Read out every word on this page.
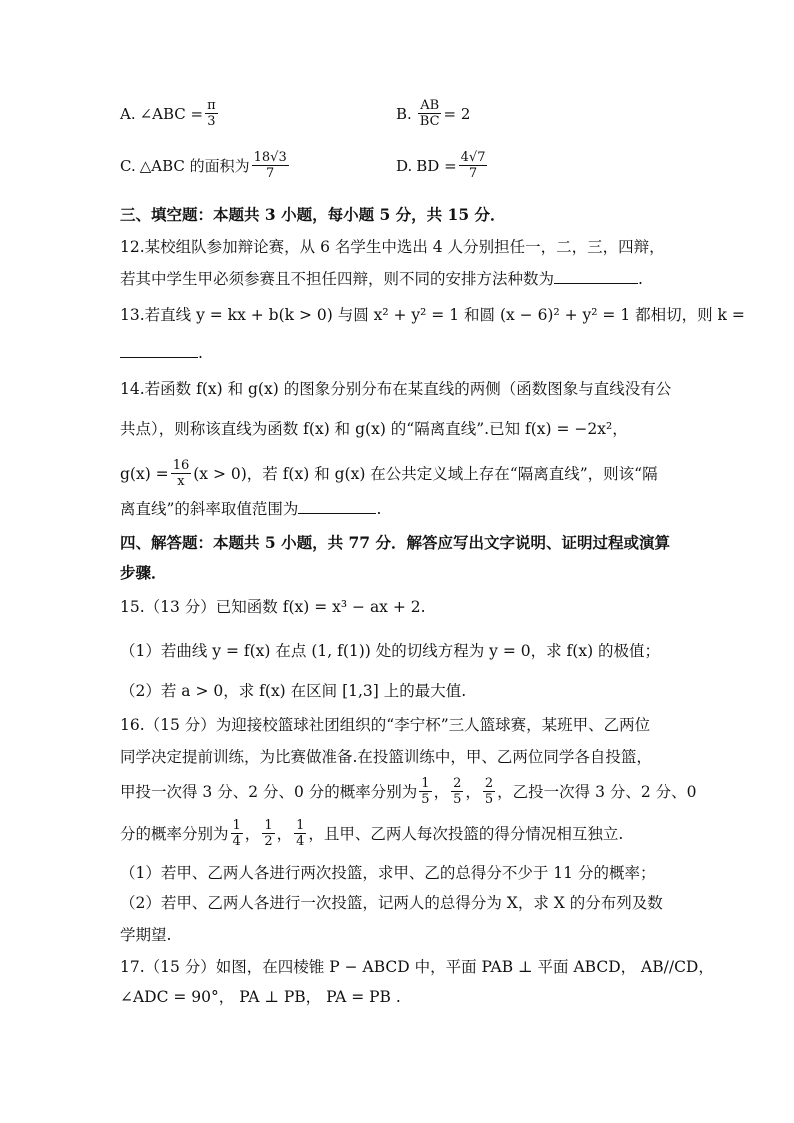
A. ∠ABC = $\frac{\pi}{3}$	B. $\frac{AB}{BC} = 2$
C. △ABC 的面积为 $\frac{18√3}{7}$	D. BD = $\frac{4√7}{7}$
三、填空题：本题共 3 小题，每小题 5 分，共 15 分．
12.某校组队参加辩论赛，从 6 名学生中选出 4 人分别担任一，二，三，四辩，
若其中学生甲必须参赛且不担任四辩，则不同的安排方法种数为	.
13.若直线 y = kx + b(k > 0) 与圆 x² + y² = 1 和圆 (x − 6)² + y² = 1 都相切，则 k =
.
14.若函数 f(x) 和 g(x) 的图象分别分布在某直线的两侧（函数图象与直线没有公
共点），则称该直线为函数 f(x) 和 g(x) 的“隔离直线”.已知 f(x) = −2x²，
$g(x) = \frac{16}{x} (x > 0)$，若 f(x) 和 g(x) 在公共定义域上存在“隔离直线”，则该“隔
离直线”的斜率取值范围为	.
四、解答题：本题共 5 小题，共 77 分．解答应写出文字说明、证明过程或演算
步骤．
15.（13 分）已知函数 f(x) = x³ − ax + 2.
（1）若曲线 y = f(x) 在点 (1, f(1)) 处的切线方程为 y = 0，求 f(x) 的极值；
（2）若 a > 0，求 f(x) 在区间 [1,3] 上的最大值.
16.（15 分）为迎接校篮球社团组织的“李宁杯”三人篮球赛，某班甲、乙两位
同学决定提前训练，为比赛做准备.在投篮训练中，甲、乙两位同学各自投篮，
甲投一次得 3 分、2 分、0 分的概率分别为 $\frac{1}{5}$ ， $\frac{2}{5}$ ， $\frac{2}{5}$ ，乙投一次得 3 分、2 分、0
分的概率分别为 $\frac{1}{4}$ ， $\frac{1}{2}$ ， $\frac{1}{4}$ ，且甲、乙两人每次投篮的得分情况相互独立.
（1）若甲、乙两人各进行两次投篮，求甲、乙的总得分不少于 11 分的概率；
（2）若甲、乙两人各进行一次投篮，记两人的总得分为 X，求 X 的分布列及数
学期望.
17.（15 分）如图，在四棱锥 P − ABCD 中，平面 PAB ⊥ 平面 ABCD， AB//CD，
∠ADC = 90°， PA ⊥ PB， PA = PB .
